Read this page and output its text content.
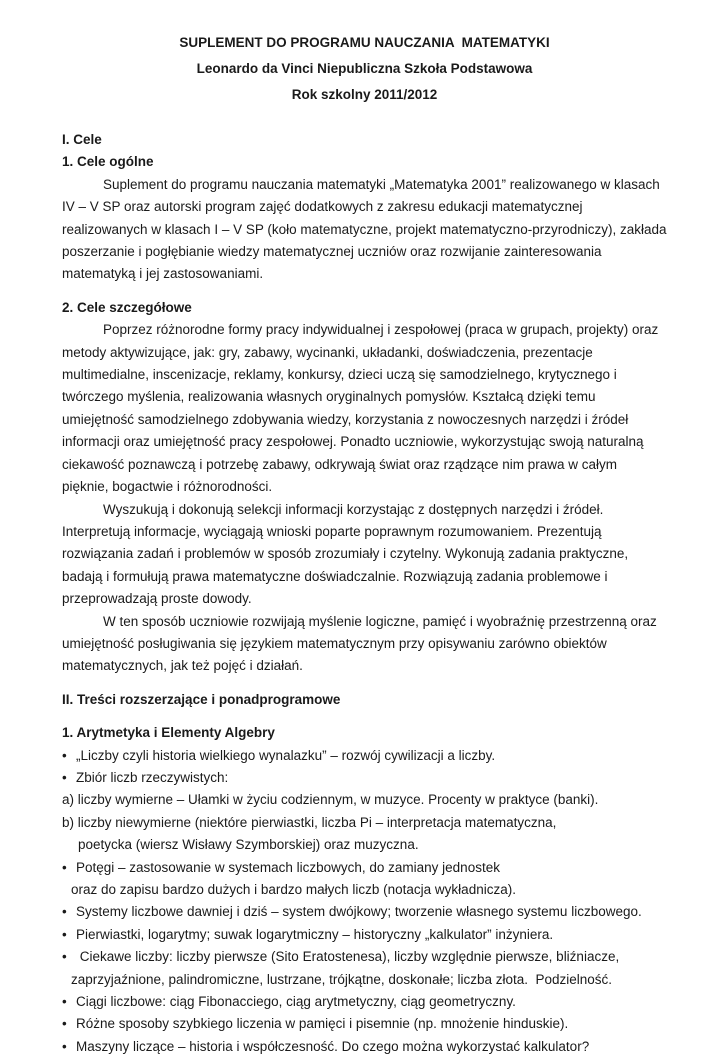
SUPLEMENT DO PROGRAMU NAUCZANIA  MATEMATYKI
Leonardo da Vinci Niepubliczna Szkoła Podstawowa
Rok szkolny 2011/2012
I. Cele
1. Cele ogólne
Suplement do programu nauczania matematyki „Matematyka 2001” realizowanego w klasach IV – V SP oraz autorski program zajęć dodatkowych z zakresu edukacji matematycznej realizowanych w klasach I – V SP (koło matematyczne, projekt matematyczno-przyrodniczy), zakłada poszerzanie i pogłębianie wiedzy matematycznej uczniów oraz rozwijanie zainteresowania matematyką i jej zastosowaniami.
2. Cele szczegółowe
Poprzez różnorodne formy pracy indywidualnej i zespołowej (praca w grupach, projekty) oraz metody aktywizujące, jak: gry, zabawy, wycinanki, układanki, doświadczenia, prezentacje multimedialne, inscenizacje, reklamy, konkursy, dzieci uczą się samodzielnego, krytycznego i twórczego myślenia, realizowania własnych oryginalnych pomysłów. Kształcą dzięki temu umiejętność samodzielnego zdobywania wiedzy, korzystania z nowoczesnych narzędzi i źródeł informacji oraz umiejętność pracy zespołowej. Ponadto uczniowie, wykorzystując swoją naturalną ciekawość poznawczą i potrzebę zabawy, odkrywają świat oraz rządzące nim prawa w całym pięknie, bogactwie i różnorodności.
Wyszukują i dokonują selekcji informacji korzystając z dostępnych narzędzi i źródeł. Interpretują informacje, wyciągają wnioski poparte poprawnym rozumowaniem. Prezentują rozwiązania zadań i problemów w sposób zrozumiały i czytelny. Wykonują zadania praktyczne, badają i formułują prawa matematyczne doświadczalnie. Rozwiązują zadania problemowe i przeprowadzają proste dowody.
W ten sposób uczniowie rozwijają myślenie logiczne, pamięć i wyobraźnię przestrzenną oraz umiejętność posługiwania się językiem matematycznym przy opisywaniu zarówno obiektów matematycznych, jak też pojęć i działań.
II. Treści rozszerzające i ponadprogramowe
1. Arytmetyka i Elementy Algebry
• „Liczby czyli historia wielkiego wynalazku” – rozwój cywilizacji a liczby.
• Zbiór liczb rzeczywistych:
a) liczby wymierne – Ułamki w życiu codziennym, w muzyce. Procenty w praktyce (banki).
b) liczby niewymierne (niektóre pierwiastki, liczba Pi – interpretacja matematyczna,
poetycka (wiersz Wisławy Szymborskiej) oraz muzyczna.
• Potęgi – zastosowanie w systemach liczbowych, do zamiany jednostek
oraz do zapisu bardzo dużych i bardzo małych liczb (notacja wykładnicza).
• Systemy liczbowe dawniej i dziś – system dwójkowy; tworzenie własnego systemu liczbowego.
• Pierwiastki, logarytmy; suwak logarytmiczny – historyczny „kalkulator” inżyniera.
• Ciekawe liczby: liczby pierwsze (Sito Eratostenesa), liczby względnie pierwsze, bliźniacze,
zaprzyjaźnione, palindromiczne, lustrzane, trójkątne, doskonałe; liczba złota.  Podzielność.
• Ciągi liczbowe: ciąg Fibonacciego, ciąg arytmetyczny, ciąg geometryczny.
• Różne sposoby szybkiego liczenia w pamięci i pisemnie (np. mnożenie hinduskie).
• Maszyny liczące – historia i współczesność. Do czego można wykorzystać kalkulator?
